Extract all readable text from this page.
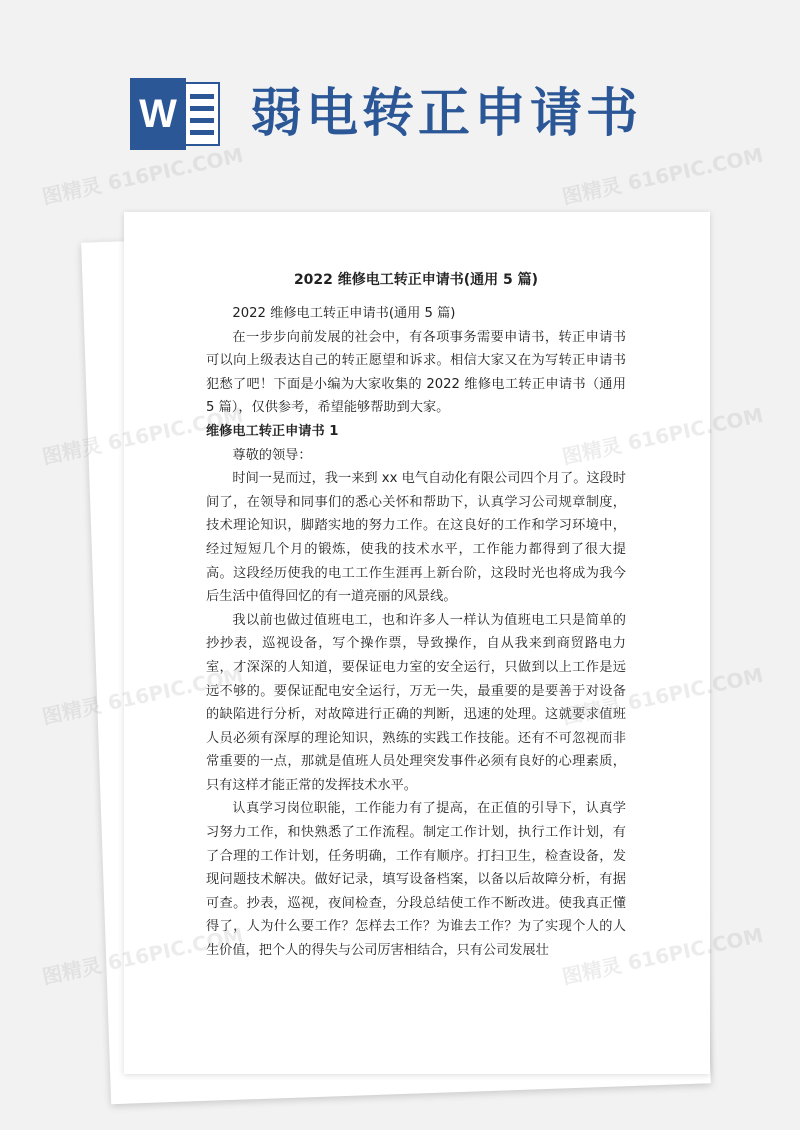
W 弱电转正申请书
2022 维修电工转正申请书(通用 5 篇)

2022 维修电工转正申请书(通用 5 篇)

在一步步向前发展的社会中，有各项事务需要申请书，转正申请书可以向上级表达自己的转正愿望和诉求。相信大家又在为写转正申请书犯愁了吧！下面是小编为大家收集的 2022 维修电工转正申请书（通用 5 篇），仅供参考，希望能够帮助到大家。

维修电工转正申请书 1

尊敬的领导：

时间一晃而过，我一来到 xx 电气自动化有限公司四个月了。这段时间了，在领导和同事们的悉心关怀和帮助下，认真学习公司规章制度，技术理论知识，脚踏实地的努力工作。在这良好的工作和学习环境中，经过短短几个月的锻炼，使我的技术水平，工作能力都得到了很大提高。这段经历使我的电工工作生涯再上新台阶，这段时光也将成为我今后生活中值得回忆的有一道亮丽的风景线。

我以前也做过值班电工，也和许多人一样认为值班电工只是简单的抄抄表，巡视设备，写个操作票，导致操作，自从我来到商贸路电力室，才深深的人知道，要保证电力室的安全运行，只做到以上工作是远远不够的。要保证配电安全运行，万无一失，最重要的是要善于对设备的缺陷进行分析，对故障进行正确的判断，迅速的处理。这就要求值班人员必须有深厚的理论知识，熟练的实践工作技能。还有不可忽视而非常重要的一点，那就是值班人员处理突发事件必须有良好的心理素质，只有这样才能正常的发挥技术水平。

认真学习岗位职能，工作能力有了提高，在正值的引导下，认真学习努力工作，和快熟悉了工作流程。制定工作计划，执行工作计划，有了合理的工作计划，任务明确，工作有顺序。打扫卫生，检查设备，发现问题技术解决。做好记录，填写设备档案，以备以后故障分析，有据可查。抄表，巡视，夜间检查，分段总结使工作不断改进。使我真正懂得了，人为什么要工作？怎样去工作？为谁去工作？为了实现个人的人生价值，把个人的得失与公司厉害相结合，只有公司发展壮

图精灵 616PIC.COM	图精灵 616PIC.COM
图精灵
图精灵
图精灵
